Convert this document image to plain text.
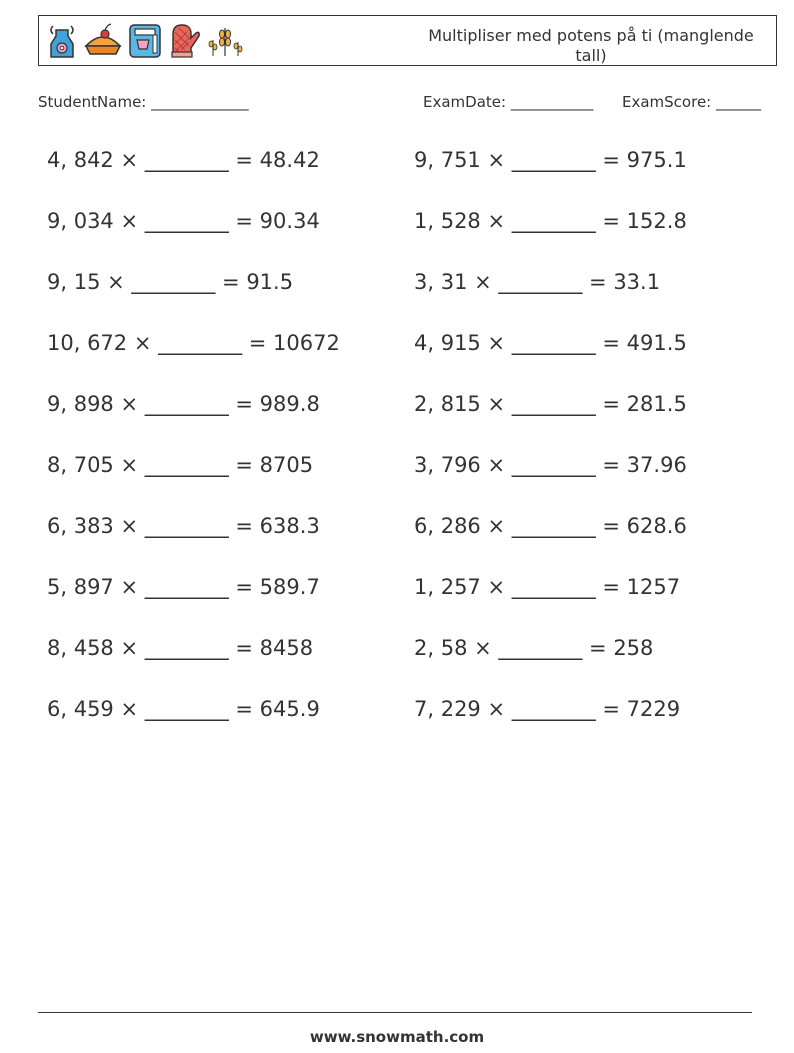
Multipliser med potens på ti (manglende tall)
StudentName: _____________	ExamDate: ___________ ExamScore: ______
4, 842 × ________ = 48.42
9, 034 × ________ = 90.34
9, 15 × ________ = 91.5
10, 672 × ________ = 10672
9, 898 × ________ = 989.8
8, 705 × ________ = 8705
6, 383 × ________ = 638.3
5, 897 × ________ = 589.7
8, 458 × ________ = 8458
6, 459 × ________ = 645.9
9, 751 × ________ = 975.1
1, 528 × ________ = 152.8
3, 31 × ________ = 33.1
4, 915 × ________ = 491.5
2, 815 × ________ = 281.5
3, 796 × ________ = 37.96
6, 286 × ________ = 628.6
1, 257 × ________ = 1257
2, 58 × ________ = 258
7, 229 × ________ = 7229
www.snowmath.com
